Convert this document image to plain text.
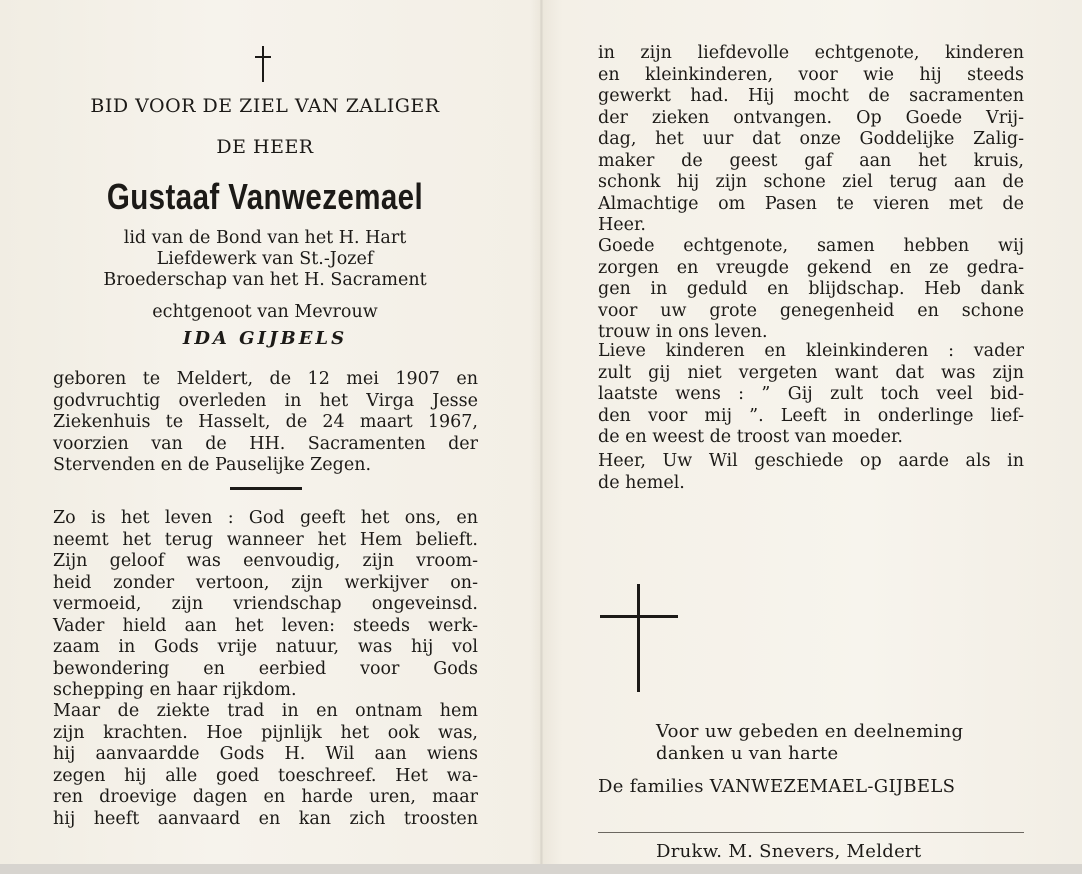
BID VOOR DE ZIEL VAN ZALIGER
DE HEER
Gustaaf Vanwezemael
lid van de Bond van het H. Hart
Liefdewerk van St.-Jozef
Broederschap van het H. Sacrament
echtgenoot van Mevrouw
IDA GIJBELS
geboren te Meldert, de 12 mei 1907 en
godvruchtig overleden in het Virga Jesse
Ziekenhuis te Hasselt, de 24 maart 1967,
voorzien van de HH. Sacramenten der
Stervenden en de Pauselijke Zegen.
Zo is het leven : God geeft het ons, en
neemt het terug wanneer het Hem belieft.
Zijn geloof was eenvoudig, zijn vroom-
heid zonder vertoon, zijn werkijver on-
vermoeid, zijn vriendschap ongeveinsd.
Vader hield aan het leven: steeds werk-
zaam in Gods vrije natuur, was hij vol
bewondering en eerbied voor Gods
schepping en haar rijkdom.
Maar de ziekte trad in en ontnam hem
zijn krachten. Hoe pijnlijk het ook was,
hij aanvaardde Gods H. Wil aan wiens
zegen hij alle goed toeschreef. Het wa-
ren droevige dagen en harde uren, maar
hij heeft aanvaard en kan zich troosten
in zijn liefdevolle echtgenote, kinderen
en kleinkinderen, voor wie hij steeds
gewerkt had. Hij mocht de sacramenten
der zieken ontvangen. Op Goede Vrij-
dag, het uur dat onze Goddelijke Zalig-
maker de geest gaf aan het kruis,
schonk hij zijn schone ziel terug aan de
Almachtige om Pasen te vieren met de
Heer.
Goede echtgenote, samen hebben wij
zorgen en vreugde gekend en ze gedra-
gen in geduld en blijdschap. Heb dank
voor uw grote genegenheid en schone
trouw in ons leven.
Lieve kinderen en kleinkinderen : vader
zult gij niet vergeten want dat was zijn
laatste wens : ” Gij zult toch veel bid-
den voor mij ”. Leeft in onderlinge lief-
de en weest de troost van moeder.
Heer, Uw Wil geschiede op aarde als in
de hemel.
Voor uw gebeden en deelneming
danken u van harte
De families VANWEZEMAEL-GIJBELS
Drukw. M. Snevers, Meldert
